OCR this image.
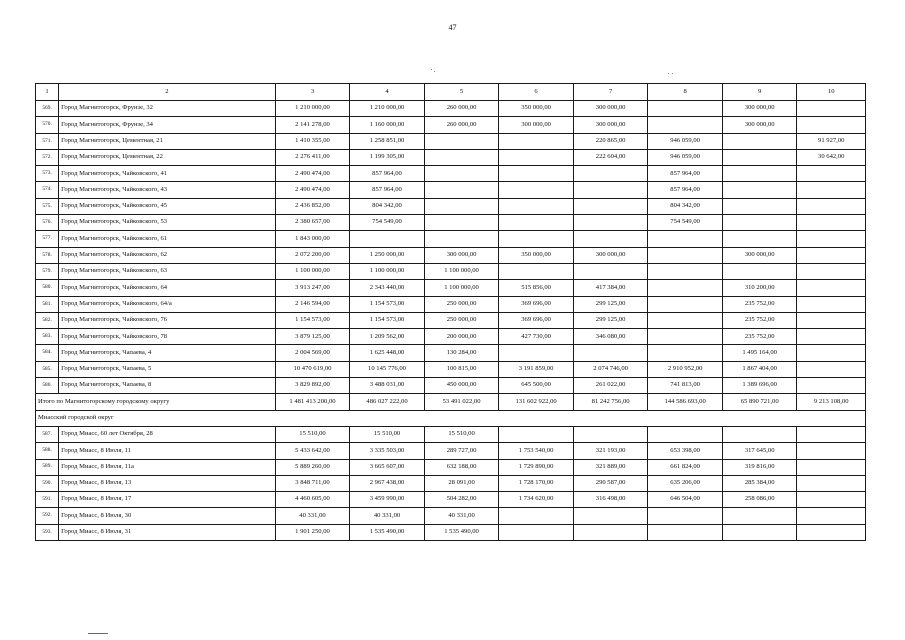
47
1	2	3	4	5	6	7	8	9	10
569.	Город Магнитогорск, Фрунзе, 32	1 210 000,00	1 210 000,00	260 000,00	350 000,00	300 000,00		300 000,00	
570.	Город Магнитогорск, Фрунзе, 34	2 141 278,00	1 160 000,00	260 000,00	300 000,00	300 000,00		300 000,00	
571.	Город Магнитогорск, Цементная, 21	1 410 355,00	1 258 851,00			220 865,00	946 059,00		91 927,00
572.	Город Магнитогорск, Цементная, 22	2 276 411,00	1 199 305,00			222 604,00	946 059,00		30 642,00
573.	Город Магнитогорск, Чайковского, 41	2 490 474,00	857 964,00				857 964,00		
574.	Город Магнитогорск, Чайковского, 43	2 490 474,00	857 964,00				857 964,00		
575.	Город Магнитогорск, Чайковского, 45	2 436 852,00	804 342,00				804 342,00		
576.	Город Магнитогорск, Чайковского, 53	2 380 657,00	754 549,00				754 549,00		
577.	Город Магнитогорск, Чайковского, 61	1 843 000,00							
578.	Город Магнитогорск, Чайковского, 62	2 072 200,00	1 250 000,00	300 000,00	350 000,00	300 000,00		300 000,00	
579.	Город Магнитогорск, Чайковского, 63	1 100 000,00	1 100 000,00	1 100 000,00					
580.	Город Магнитогорск, Чайковского, 64	3 913 247,00	2 343 440,00	1 100 000,00	515 856,00	417 384,00		310 200,00	
581.	Город Магнитогорск, Чайковского, 64/а	2 146 594,00	1 154 573,00	250 000,00	369 696,00	299 125,00		235 752,00	
582.	Город Магнитогорск, Чайковского, 76	1 154 573,00	1 154 573,00	250 000,00	369 696,00	299 125,00		235 752,00	
583.	Город Магнитогорск, Чайковского, 78	3 879 125,00	1 209 562,00	200 000,00	427 730,00	346 080,00		235 752,00	
584.	Город Магнитогорск, Чапаева, 4	2 004 569,00	1 625 448,00	130 284,00				1 495 164,00	
585.	Город Магнитогорск, Чапаева, 5	10 470 619,00	10 145 776,00	100 815,00	3 191 859,00	2 074 746,00	2 910 952,00	1 867 404,00	
586.	Город Магнитогорск, Чапаева, 8	3 829 892,00	3 488 031,00	450 000,00	645 500,00	261 022,00	741 813,00	1 389 696,00	
Итого по Магнитогорскому городскому округу		1 481 413 200,00	486 027 222,00	53 491 022,00	131 602 922,00	81 242 756,00	144 586 693,00	65 890 721,00	9 213 108,00
Миасский городской округ									
587.	Город Миасс, 60 лет Октября, 28	15 510,00	15 510,00	15 510,00					
588.	Город Миасс, 8 Июля, 11	5 433 642,00	3 335 503,00	289 727,00	1 753 540,00	321 193,00	653 398,00	317 645,00	
589.	Город Миасс, 8 Июля, 11а	5 889 260,00	3 665 607,00	632 188,00	1 729 890,00	321 889,00	661 824,00	319 816,00	
590.	Город Миасс, 8 Июля, 13	3 848 711,00	2 967 438,00	28 091,00	1 728 170,00	290 587,00	635 206,00	285 384,00	
591.	Город Миасс, 8 Июля, 17	4 460 605,00	3 459 990,00	504 282,00	1 734 620,00	316 498,00	646 504,00	258 086,00	
592.	Город Миасс, 8 Июля, 30	40 331,00	40 331,00	40 331,00					
593.	Город Миасс, 8 Июля, 31	1 901 250,00	1 535 490,00	1 535 490,00					
